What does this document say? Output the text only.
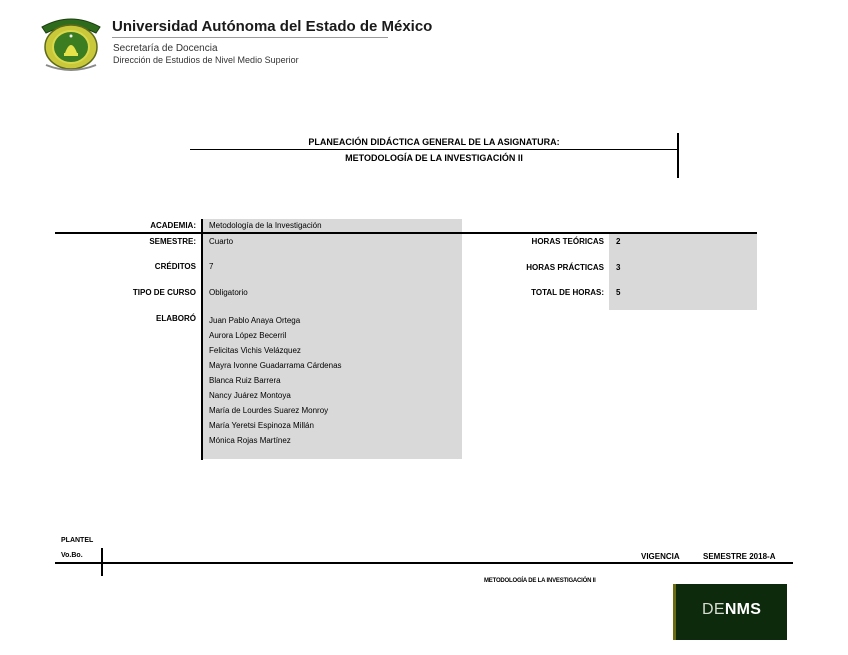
Universidad Autónoma del Estado de México
Secretaría de Docencia
Dirección de Estudios de Nivel Medio Superior
PLANEACIÓN DIDÁCTICA GENERAL DE LA ASIGNATURA:
METODOLOGÍA DE LA INVESTIGACIÓN II
ACADEMIA: Metodología de la Investigación
SEMESTRE: Cuarto
CRÉDITOS 7
TIPO DE CURSO Obligatorio
ELABORÓ Juan Pablo Anaya Ortega
Aurora López Becerril
Felicitas Vichis Velázquez
Mayra Ivonne Guadarrama Cárdenas
Blanca Ruiz Barrera
Nancy Juárez Montoya
María de Lourdes Suarez Monroy
María Yeretsi Espinoza Millán
Mónica Rojas Martínez
HORAS TEÓRICAS 2
HORAS PRÁCTICAS 3
TOTAL DE HORAS: 5
PLANTEL
Vo.Bo.	VIGENCIA	SEMESTRE 2018-A
METODOLOGÍA DE LA INVESTIGACIÓN II
DENMS
